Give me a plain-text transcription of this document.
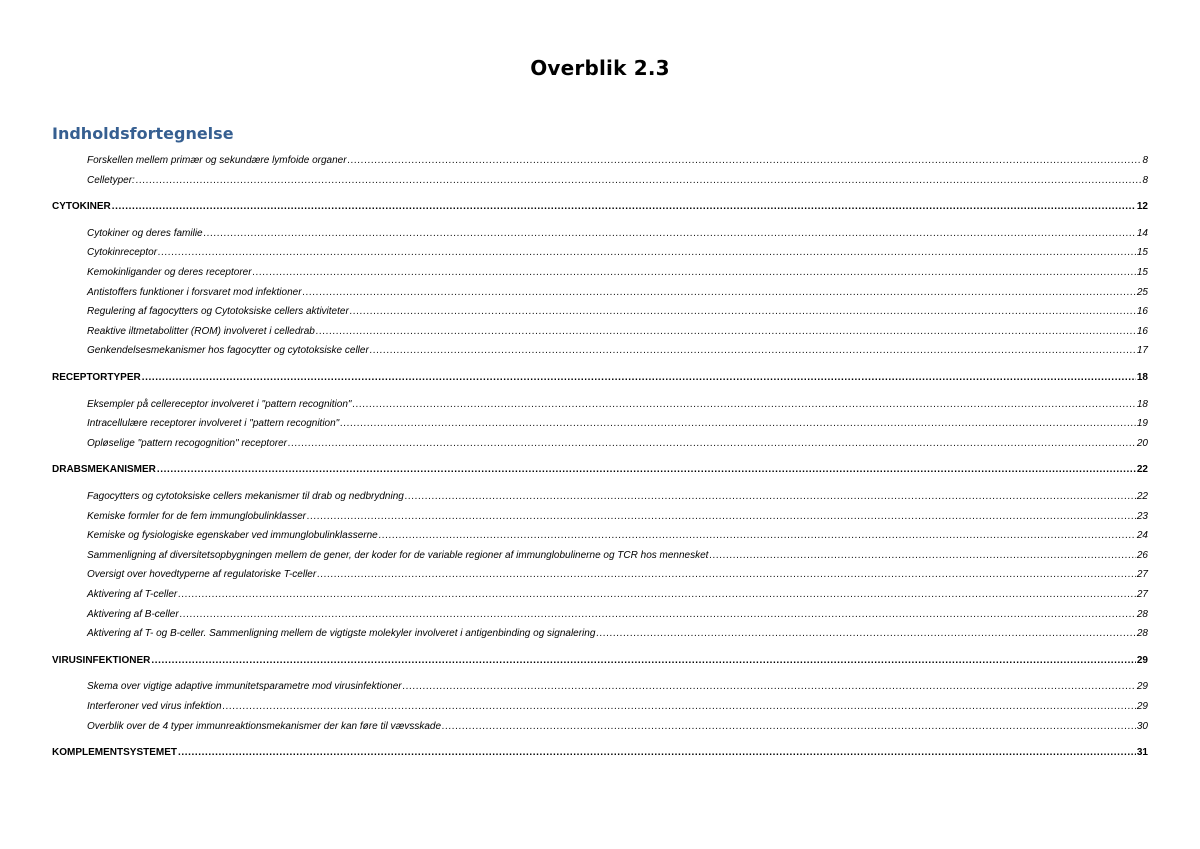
Overblik 2.3
Indholdsfortegnelse
Forskellen mellem primær og sekundære lymfoide organer .....	8
Celletyper: .....	8
CYTOKINER .....	12
Cytokiner og deres familie .....	14
Cytokinreceptor .....	15
Kemokinligander og deres receptorer .....	15
Antistoffers funktioner i forsvaret mod infektioner .....	25
Regulering af fagocytters og Cytotoksiske cellers aktiviteter .....	16
Reaktive iltmetabolitter (ROM) involveret i celledrab .....	16
Genkendelsesmekanismer hos fagocytter og cytotoksiske celler .....	17
RECEPTORTYPER .....	18
Eksempler på cellereceptor involveret i "pattern recognition" .....	18
Intracellulære receptorer involveret i "pattern recognition" .....	19
Opløselige "pattern recogognition" receptorer .....	20
DRABSMEKANISMER .....	22
Fagocytters og cytotoksiske cellers mekanismer til drab og nedbrydning .....	22
Kemiske formler for de fem immunglobulinklasser .....	23
Kemiske og fysiologiske egenskaber ved immunglobulinklasserne .....	24
Sammenligning af diversitetsopbygningen mellem de gener, der koder for de variable regioner af immunglobulinerne og TCR hos mennesket .....	26
Oversigt over hovedtyperne af regulatoriske T-celler .....	27
Aktivering af T-celler .....	27
Aktivering af B-celler .....	28
Aktivering af T- og B-celler. Sammenligning mellem de vigtigste molekyler involveret i antigenbinding og signalering .....	28
VIRUSINFEKTIONER .....	29
Skema over vigtige adaptive immunitetsparametre mod virusinfektioner .....	29
Interferoner ved virus infektion .....	29
Overblik over de 4 typer immunreaktionsmekanismer der kan føre til vævsskade .....	30
KOMPLEMENTSYSTEMET .....	31
